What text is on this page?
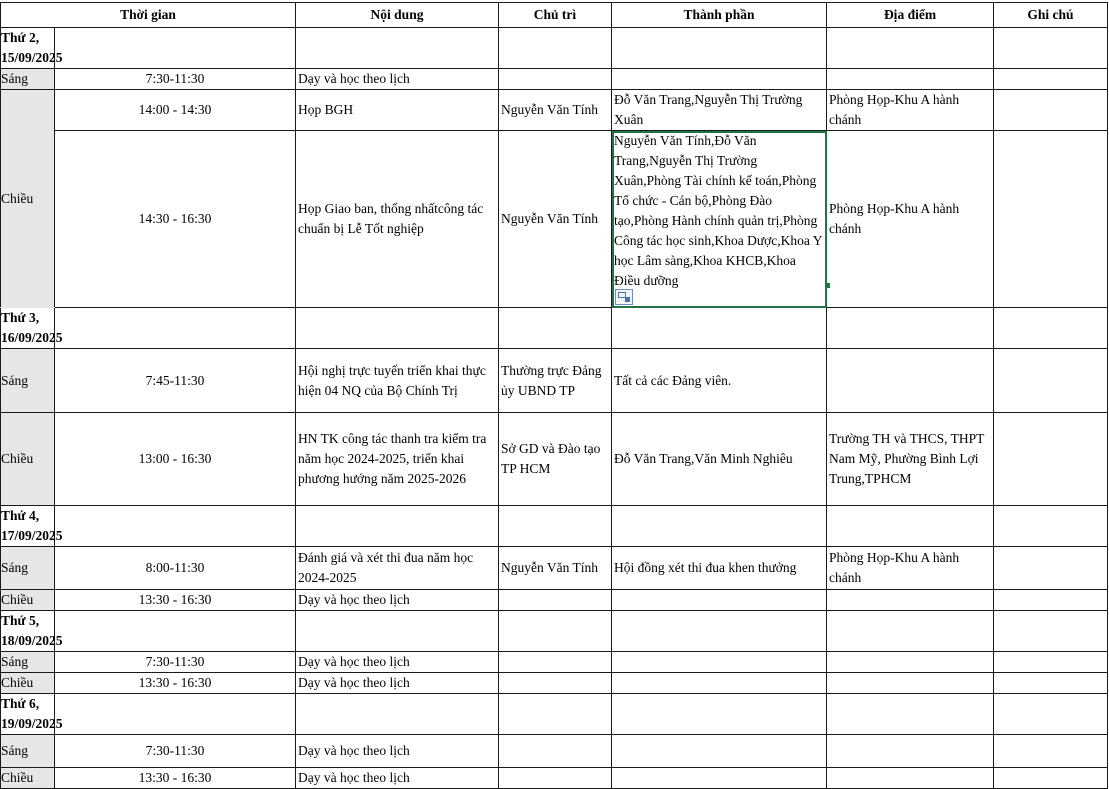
Thời gian		Nội dung	Chủ trì	Thành phần	Địa điểm	Ghi chú
Thứ 2, 15/09/2025						
Sáng	7:30-11:30	Dạy và học theo lịch				
Chiều	14:00 - 14:30	Họp BGH	Nguyễn Văn Tính	Đỗ Văn Trang,Nguyễn Thị Trường Xuân	Phòng Họp-Khu A hành chánh	
	14:30 - 16:30	Họp Giao ban, thống nhấtcông tác chuẩn bị Lễ Tốt nghiệp	Nguyễn Văn Tính	Nguyễn Văn Tính,Đỗ Văn Trang,Nguyễn Thị Trường Xuân,Phòng Tài chính kế toán,Phòng Tổ chức - Cán bộ,Phòng Đào tạo,Phòng Hành chính quản trị,Phòng Công tác học sinh,Khoa Dược,Khoa Y học Lâm sàng,Khoa KHCB,Khoa Điều dưỡng	Phòng Họp-Khu A hành chánh	
Thứ 3, 16/09/2025						
Sáng	7:45-11:30	Hội nghị trực tuyến triển khai thực hiện 04 NQ của Bộ Chính Trị	Thường trực Đảng ủy UBND TP	Tất cả các Đảng viên.		
Chiều	13:00 - 16:30	HN TK công tác thanh tra kiểm tra năm học 2024-2025, triển khai phương hướng năm 2025-2026	Sở GD và Đào tạo TP HCM	Đỗ Văn Trang,Văn Minh Nghiêu	Trường TH và THCS, THPT Nam Mỹ, Phường Bình Lợi Trung,TPHCM	
Thứ 4, 17/09/2025						
Sáng	8:00-11:30	Đánh giá và xét thi đua năm học 2024-2025	Nguyễn Văn Tính	Hội đồng xét thi đua khen thưởng	Phòng Họp-Khu A hành chánh	
Chiều	13:30 - 16:30	Dạy và học theo lịch				
Thứ 5, 18/09/2025						
Sáng	7:30-11:30	Dạy và học theo lịch				
Chiều	13:30 - 16:30	Dạy và học theo lịch				
Thứ 6, 19/09/2025						
Sáng	7:30-11:30	Dạy và học theo lịch				
Chiều	13:30 - 16:30	Dạy và học theo lịch				
